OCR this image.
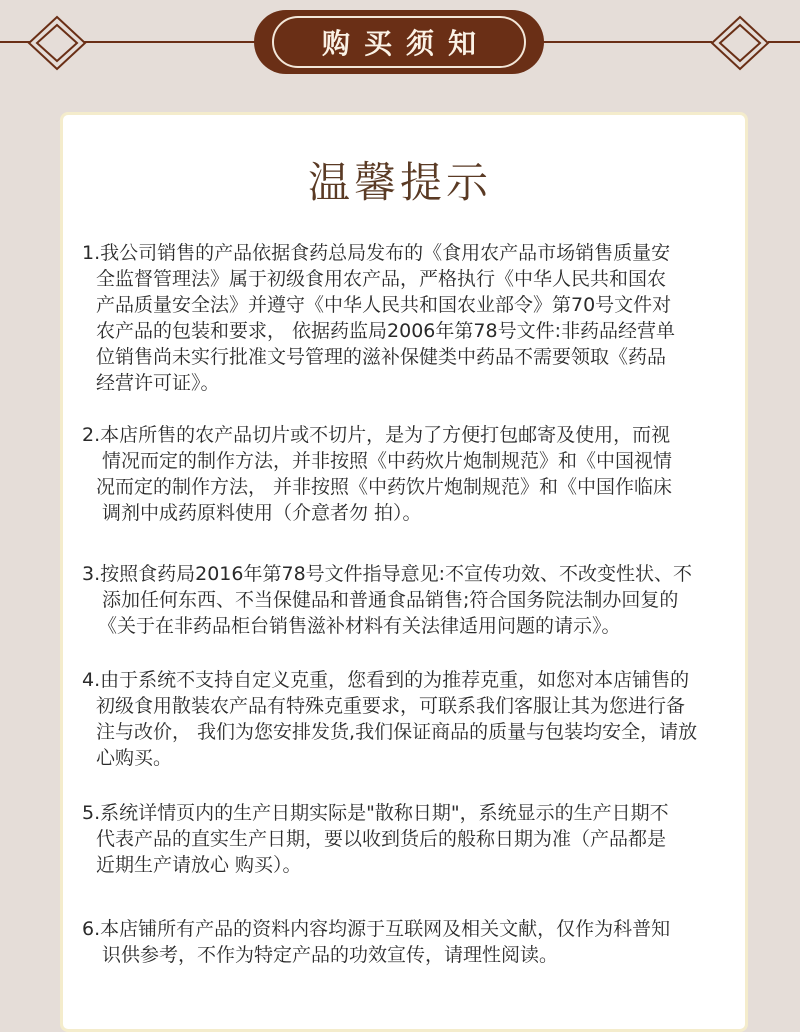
购买须知
温馨提示
1.我公司销售的产品依据食药总局发布的《食用农产品市场销售质量安
全监督管理法》属于初级食用农产品，严格执行《中华人民共和国农
产品质量安全法》并遵守《中华人民共和国农业部令》第70号文件对
农产品的包装和要求， 依据药监局2006年第78号文件:非药品经营单
位销售尚未实行批准文号管理的滋补保健类中药品不需要领取《药品
经营许可证》。
2.本店所售的农产品切片或不切片，是为了方便打包邮寄及使用，而视
情况而定的制作方法，并非按照《中药炊片炮制规范》和《中国视情
况而定的制作方法， 并非按照《中药饮片炮制规范》和《中国作临床
调剂中成药原料使用（介意者勿 拍）。
3.按照食药局2016年第78号文件指导意见:不宣传功效、不改变性状、不
添加任何东西、不当保健品和普通食品销售;符合国务院法制办回复的
《关于在非药品柜台销售滋补材料有关法律适用问题的请示》。
4.由于系统不支持自定义克重，您看到的为推荐克重，如您对本店铺售的
初级食用散装农产品有特殊克重要求，可联系我们客服让其为您进行备
注与改价， 我们为您安排发货,我们保证商品的质量与包装均安全，请放
心购买。
5.系统详情页内的生产日期实际是"散称日期"，系统显示的生产日期不
代表产品的直实生产日期，要以收到货后的般称日期为准（产品都是
近期生产请放心 购买）。
6.本店铺所有产品的资料内容均源于互联网及相关文献，仅作为科普知
识供参考，不作为特定产品的功效宣传，请理性阅读。
